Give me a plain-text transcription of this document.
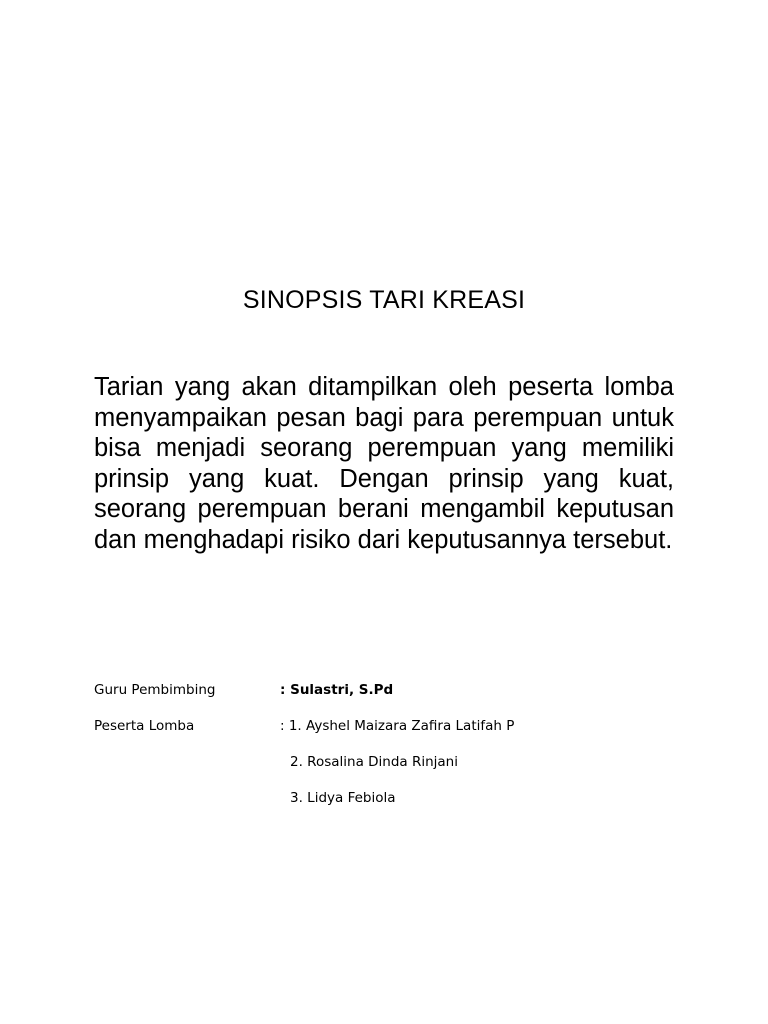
SINOPSIS TARI KREASI

Tarian yang akan ditampilkan oleh peserta lomba menyampaikan pesan bagi para perempuan untuk bisa menjadi seorang perempuan yang memiliki prinsip yang kuat. Dengan prinsip yang kuat, seorang perempuan berani mengambil keputusan dan menghadapi risiko dari keputusannya tersebut.

Guru Pembimbing	: Sulastri, S.Pd
Peserta Lomba	: 1. Ayshel Maizara Zafira Latifah P
2. Rosalina Dinda Rinjani
3. Lidya Febiola
